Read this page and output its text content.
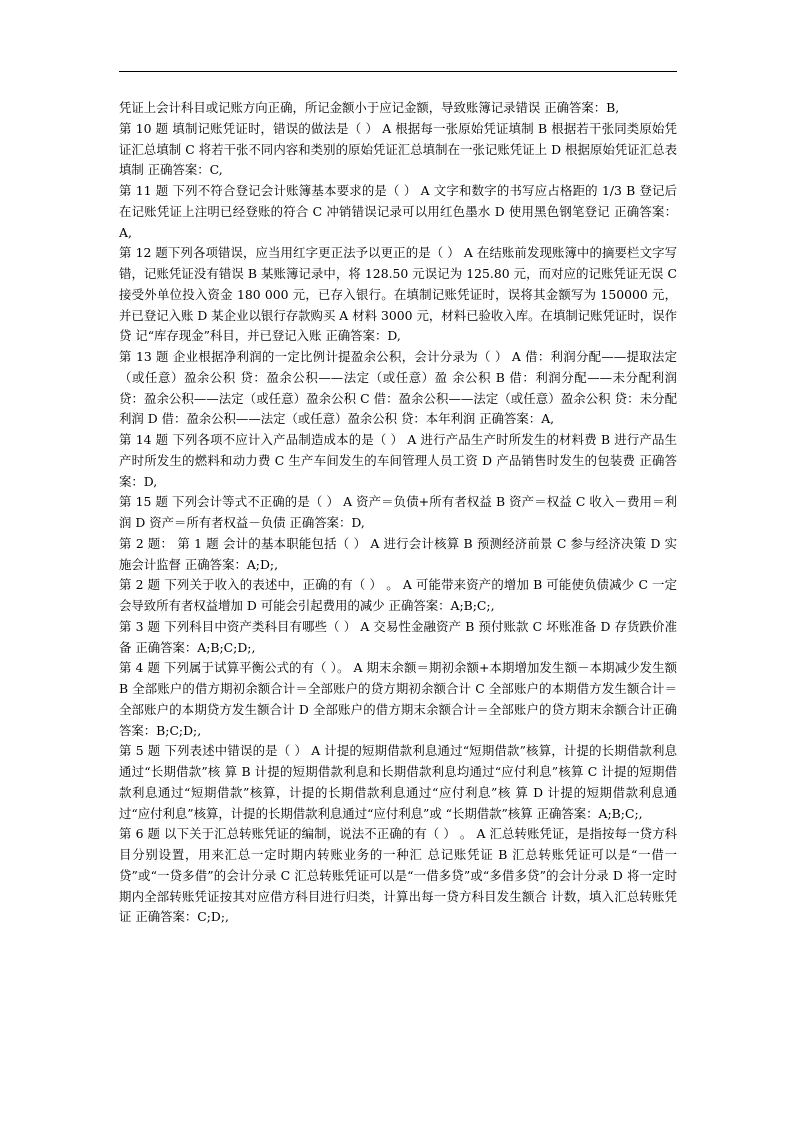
凭证上会计科目或记账方向正确，所记金额小于应记金额，导致账簿记录错误 正确答案：B,

第 10 题 填制记账凭证时，错误的做法是（ ） A 根据每一张原始凭证填制 B 根据若干张同类原始凭证汇总填制 C 将若干张不同内容和类别的原始凭证汇总填制在一张记账凭证上 D 根据原始凭证汇总表填制 正确答案：C,

第 11 题 下列不符合登记会计账簿基本要求的是（ ） A 文字和数字的书写应占格距的 1/3 B 登记后在记账凭证上注明已经登账的符合 C 冲销错误记录可以用红色墨水 D 使用黑色钢笔登记 正确答案：A,

第 12 题下列各项错误，应当用红字更正法予以更正的是（ ） A 在结账前发现账簿中的摘要栏文字写错，记账凭证没有错误 B 某账簿记录中，将 128.50 元误记为 125.80 元，而对应的记账凭证无误 C 接受外单位投入资金 180 000 元，已存入银行。在填制记账凭证时，误将其金额写为 150000 元，并已登记入账 D 某企业以银行存款购买 A 材料 3000 元，材料已验收入库。在填制记账凭证时，误作贷 记“库存现金”科目，并已登记入账 正确答案：D,

第 13 题 企业根据净利润的一定比例计提盈余公积，会计分录为（ ） A 借：利润分配——提取法定（或任意）盈余公积 贷：盈余公积——法定（或任意）盈 余公积 B 借：利润分配——未分配利润 贷：盈余公积——法定（或任意）盈余公积 C 借：盈余公积——法定（或任意）盈余公积 贷：未分配利润 D 借：盈余公积——法定（或任意）盈余公积 贷：本年利润 正确答案：A,

第 14 题 下列各项不应计入产品制造成本的是（ ） A 进行产品生产时所发生的材料费 B 进行产品生产时所发生的燃料和动力费 C 生产车间发生的车间管理人员工资 D 产品销售时发生的包装费 正确答案：D,

第 15 题 下列会计等式不正确的是（ ） A 资产＝负债+所有者权益 B 资产＝权益 C 收入－费用＝利润 D 资产＝所有者权益－负债 正确答案：D,

第 2 题： 第 1 题 会计的基本职能包括（ ） A 进行会计核算 B 预测经济前景 C 参与经济决策 D 实施会计监督 正确答案：A;D;,

第 2 题 下列关于收入的表述中，正确的有（ ） 。 A 可能带来资产的增加 B 可能使负债减少 C 一定会导致所有者权益增加 D 可能会引起费用的减少 正确答案：A;B;C;,

第 3 题 下列科目中资产类科目有哪些（ ） A 交易性金融资产 B 预付账款 C 坏账准备 D 存货跌价准备 正确答案：A;B;C;D;,

第 4 题 下列属于试算平衡公式的有（ ）。 A 期末余额＝期初余额+本期增加发生额－本期减少发生额 B 全部账户的借方期初余额合计＝全部账户的贷方期初余额合计 C 全部账户的本期借方发生额合计＝全部账户的本期贷方发生额合计 D 全部账户的借方期末余额合计＝全部账户的贷方期末余额合计正确答案：B;C;D;,

第 5 题 下列表述中错误的是（ ） A 计提的短期借款利息通过“短期借款”核算，计提的长期借款利息通过“长期借款”核 算 B 计提的短期借款利息和长期借款利息均通过“应付利息”核算 C 计提的短期借款利息通过“短期借款”核算，计提的长期借款利息通过“应付利息”核 算 D 计提的短期借款利息通过“应付利息”核算，计提的长期借款利息通过“应付利息”或 “长期借款”核算 正确答案：A;B;C;,

第 6 题 以下关于汇总转账凭证的编制，说法不正确的有（ ） 。 A 汇总转账凭证，是指按每一贷方科目分别设置，用来汇总一定时期内转账业务的一种汇 总记账凭证 B 汇总转账凭证可以是“一借一贷”或“一贷多借”的会计分录 C 汇总转账凭证可以是“一借多贷”或“多借多贷”的会计分录 D 将一定时期内全部转账凭证按其对应借方科目进行归类，计算出每一贷方科目发生额合 计数，填入汇总转账凭证 正确答案：C;D;,
